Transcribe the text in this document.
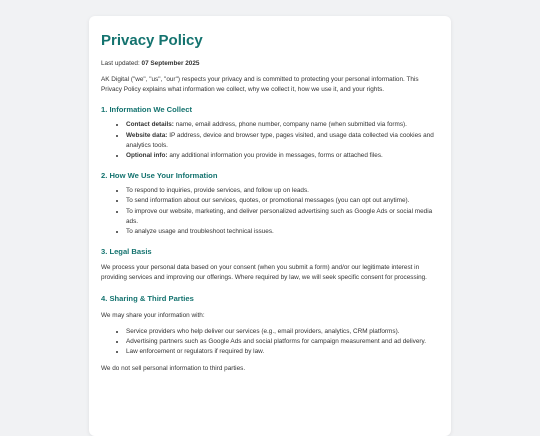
Privacy Policy
Last updated: 07 September 2025

AK Digital ("we", "us", "our") respects your privacy and is committed to protecting your personal information. This Privacy Policy explains what information we collect, why we collect it, how we use it, and your rights.

1. Information We Collect
• Contact details: name, email address, phone number, company name (when submitted via forms).
• Website data: IP address, device and browser type, pages visited, and usage data collected via cookies and analytics tools.
• Optional info: any additional information you provide in messages, forms or attached files.
2. How We Use Your Information
• To respond to inquiries, provide services, and follow up on leads.
• To send information about our services, quotes, or promotional messages (you can opt out anytime).
• To improve our website, marketing, and deliver personalized advertising such as Google Ads or social media ads.
• To analyze usage and troubleshoot technical issues.
3. Legal Basis

We process your personal data based on your consent (when you submit a form) and/or our legitimate interest in providing services and improving our offerings. Where required by law, we will seek specific consent for processing.

4. Sharing & Third Parties

We may share your information with:

• Service providers who help deliver our services (e.g., email providers, analytics, CRM platforms).
• Advertising partners such as Google Ads and social platforms for campaign measurement and ad delivery.
• Law enforcement or regulators if required by law.

We do not sell personal information to third parties.
